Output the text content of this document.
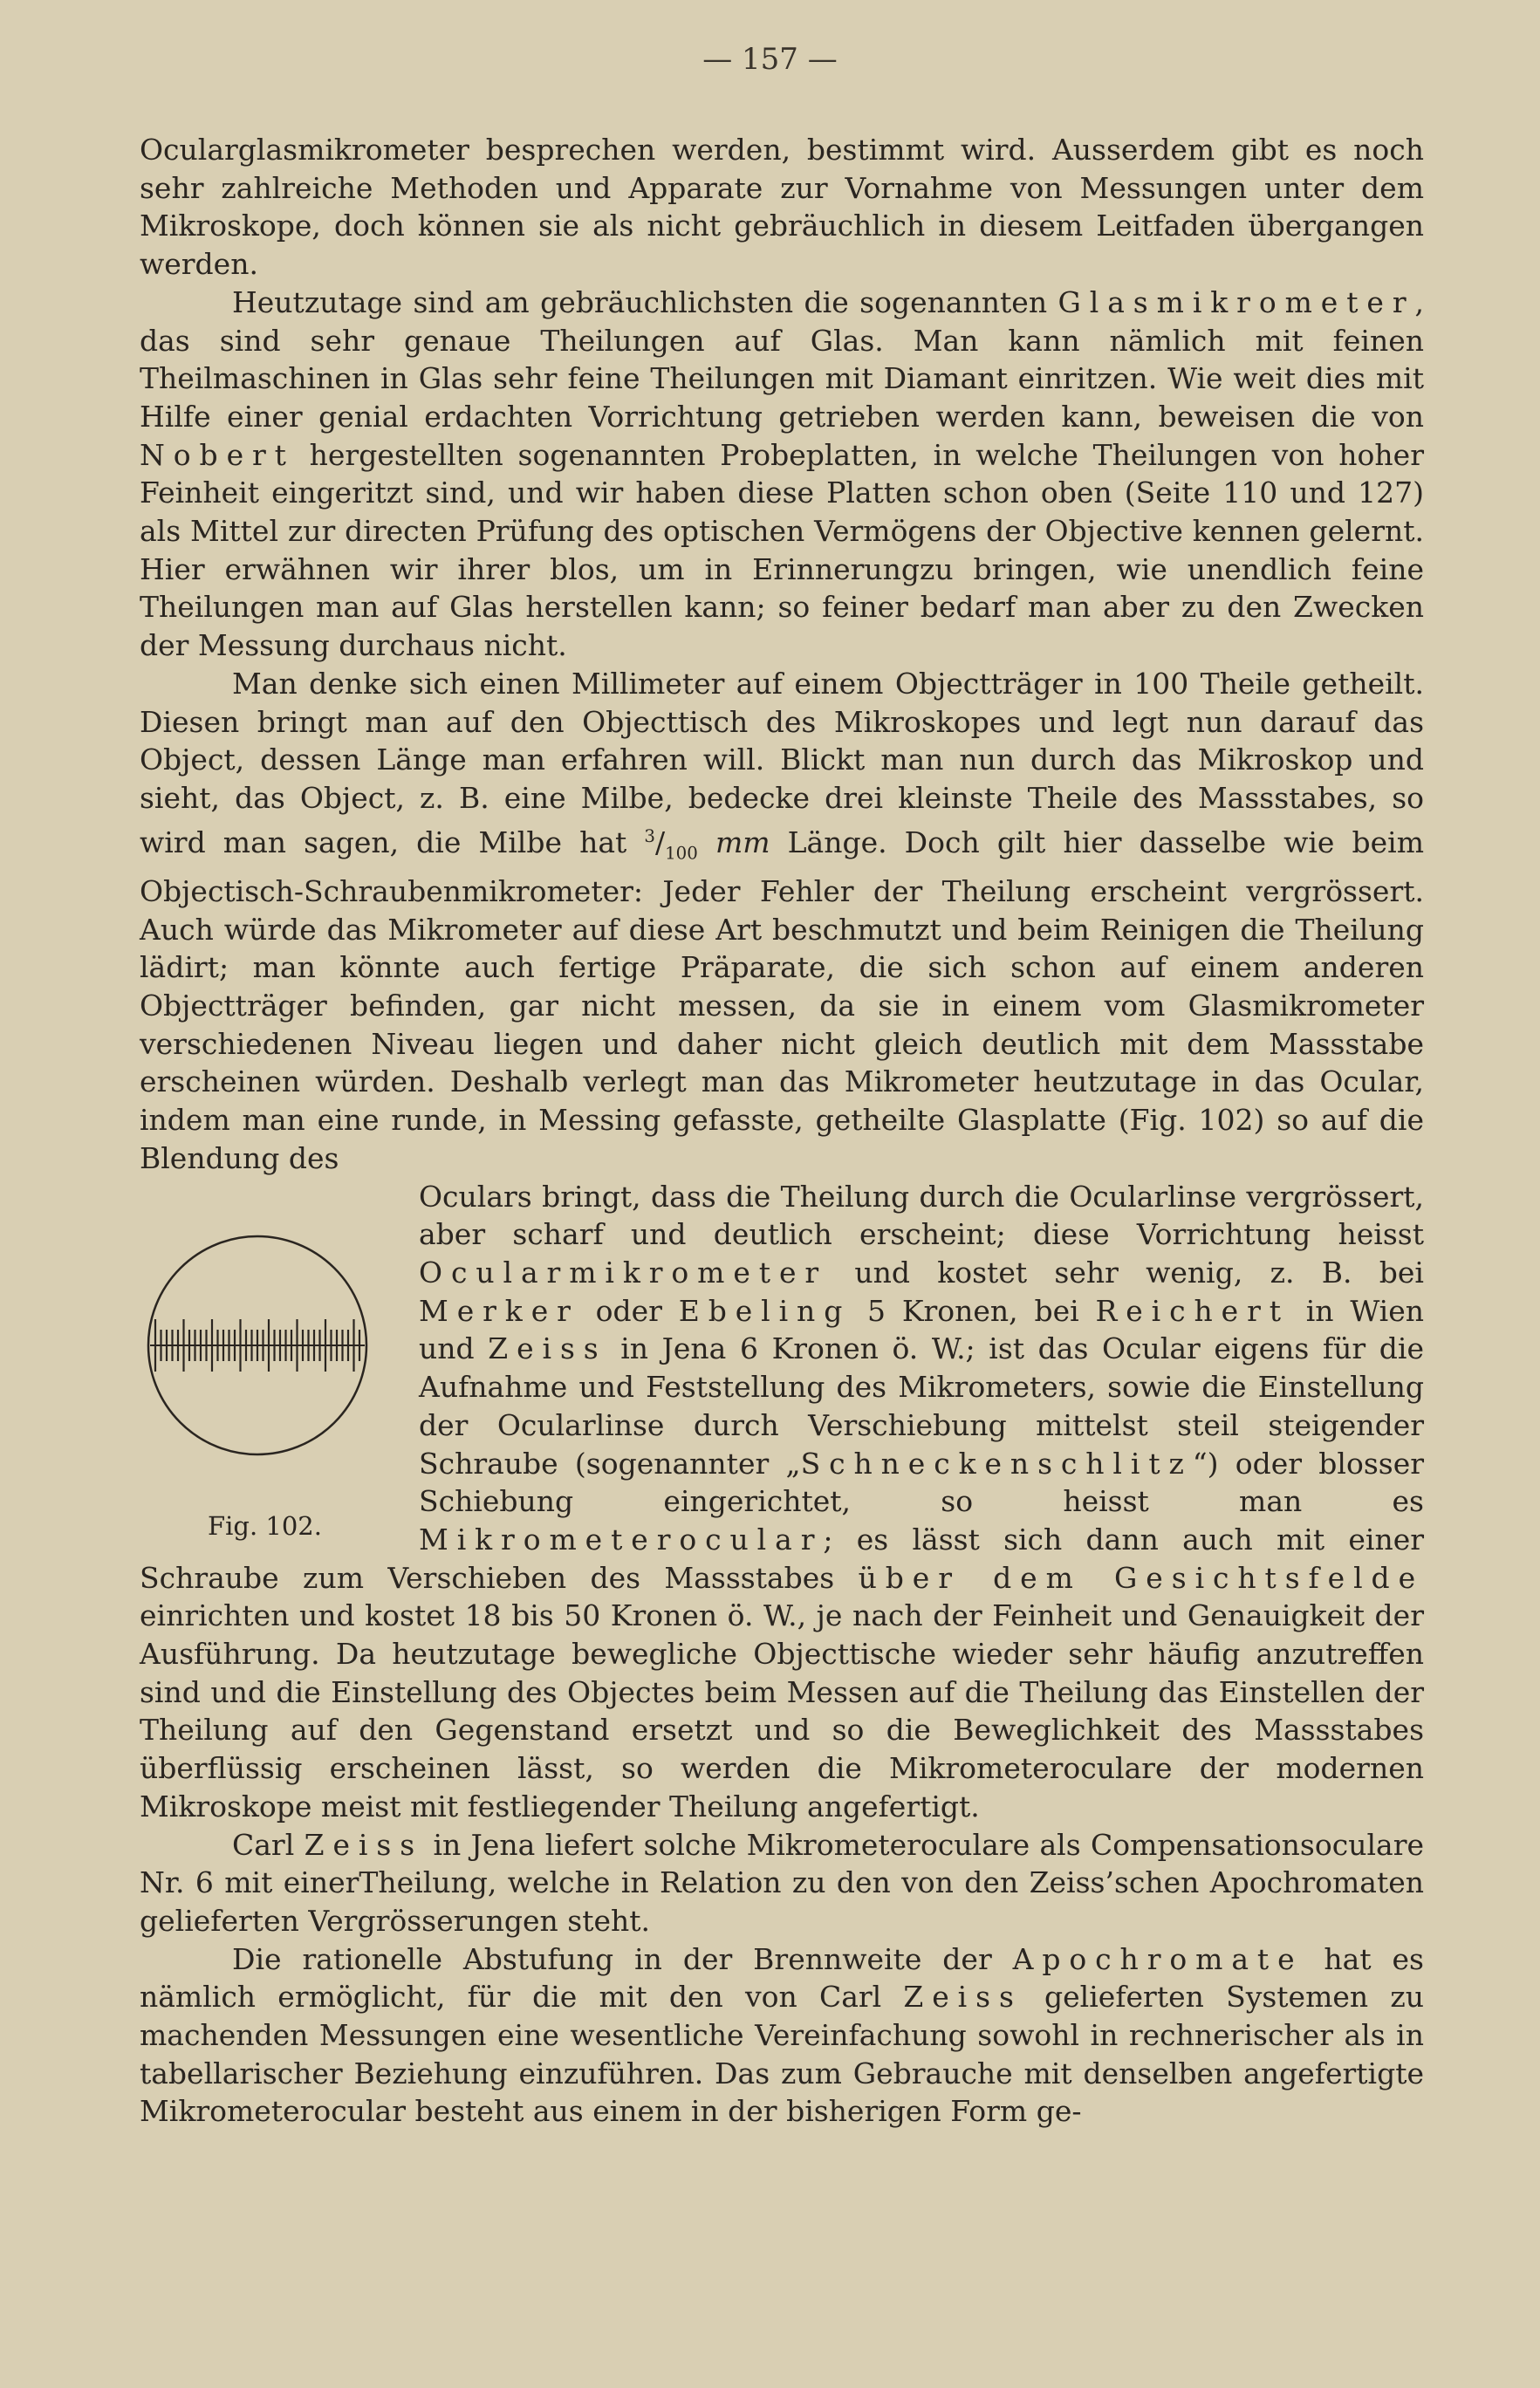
— 157 —

Ocularglasmikrometer besprechen werden, bestimmt wird. Ausserdem gibt es noch sehr zahlreiche Methoden und Apparate zur Vornahme von Messungen unter dem Mikroskope, doch können sie als nicht gebräuchlich in diesem Leitfaden übergangen werden.

Heutzutage sind am gebräuchlichsten die sogenannten Glasmikrometer, das sind sehr genaue Theilungen auf Glas. Man kann nämlich mit feinen Theilmaschinen in Glas sehr feine Theilungen mit Diamant einritzen. Wie weit dies mit Hilfe einer genial erdachten Vorrichtung getrieben werden kann, beweisen die von Nobert hergestellten sogenannten Probeplatten, in welche Theilungen von hoher Feinheit eingeritzt sind, und wir haben diese Platten schon oben (Seite 110 und 127) als Mittel zur directen Prüfung des optischen Vermögens der Objective kennen gelernt. Hier erwähnen wir ihrer blos, um in Erinnerungzu bringen, wie unendlich feine Theilungen man auf Glas herstellen kann; so feiner bedarf man aber zu den Zwecken der Messung durchaus nicht.

Man denke sich einen Millimeter auf einem Objectträger in 100 Theile getheilt. Diesen bringt man auf den Objecttisch des Mikroskopes und legt nun darauf das Object, dessen Länge man erfahren will. Blickt man nun durch das Mikroskop und sieht, das Object, z. B. eine Milbe, bedecke drei kleinste Theile des Massstabes, so wird man sagen, die Milbe hat $^3/_{100}$ mm Länge. Doch gilt hier dasselbe wie beim Objectisch-Schraubenmikrometer: Jeder Fehler der Theilung erscheint vergrössert. Auch würde das Mikrometer auf diese Art beschmutzt und beim Reinigen die Theilung lädirt; man könnte auch fertige Präparate, die sich schon auf einem anderen Objectträger befinden, gar nicht messen, da sie in einem vom Glasmikrometer verschiedenen Niveau liegen und daher nicht gleich deutlich mit dem Massstabe erscheinen würden. Deshalb verlegt man das Mikrometer heutzutage in das Ocular, indem man eine runde, in Messing gefasste, getheilte Glasplatte (Fig. 102) so auf die Blendung des

Fig. 102.

Oculars bringt, dass die Theilung durch die Ocularlinse vergrössert, aber scharf und deutlich erscheint; diese Vorrichtung heisst Ocularmikrometer und kostet sehr wenig, z. B. bei Merker oder Ebeling 5 Kronen, bei Reichert in Wien und Zeiss in Jena 6 Kronen ö. W.; ist das Ocular eigens für die Aufnahme und Feststellung des Mikrometers, sowie die Einstellung der Ocularlinse durch Verschiebung mittelst steil steigender Schraube (sogenannter „Schneckenschlitz“) oder blosser Schiebung eingerichtet, so heisst man es Mikrometerocular; es lässt sich dann auch mit einer Schraube zum Verschieben des Massstabes über dem Gesichtsfelde einrichten und kostet 18 bis 50 Kronen ö. W., je nach der Feinheit und Genauigkeit der Ausführung. Da heutzutage bewegliche Objecttische wieder sehr häufig anzutreffen sind und die Einstellung des Objectes beim Messen auf die Theilung das Einstellen der Theilung auf den Gegenstand ersetzt und so die Beweglichkeit des Massstabes überflüssig erscheinen lässt, so werden die Mikrometeroculare der modernen Mikroskope meist mit festliegender Theilung angefertigt.

Carl Zeiss in Jena liefert solche Mikrometeroculare als Compensationsoculare Nr. 6 mit einerTheilung, welche in Relation zu den von den Zeiss’schen Apochromaten gelieferten Vergrösserungen steht.

Die rationelle Abstufung in der Brennweite der Apochromate hat es nämlich ermöglicht, für die mit den von Carl Zeiss gelieferten Systemen zu machenden Messungen eine wesentliche Vereinfachung sowohl in rechnerischer als in tabellarischer Beziehung einzuführen. Das zum Gebrauche mit denselben angefertigte Mikrometerocular besteht aus einem in der bisherigen Form ge-
